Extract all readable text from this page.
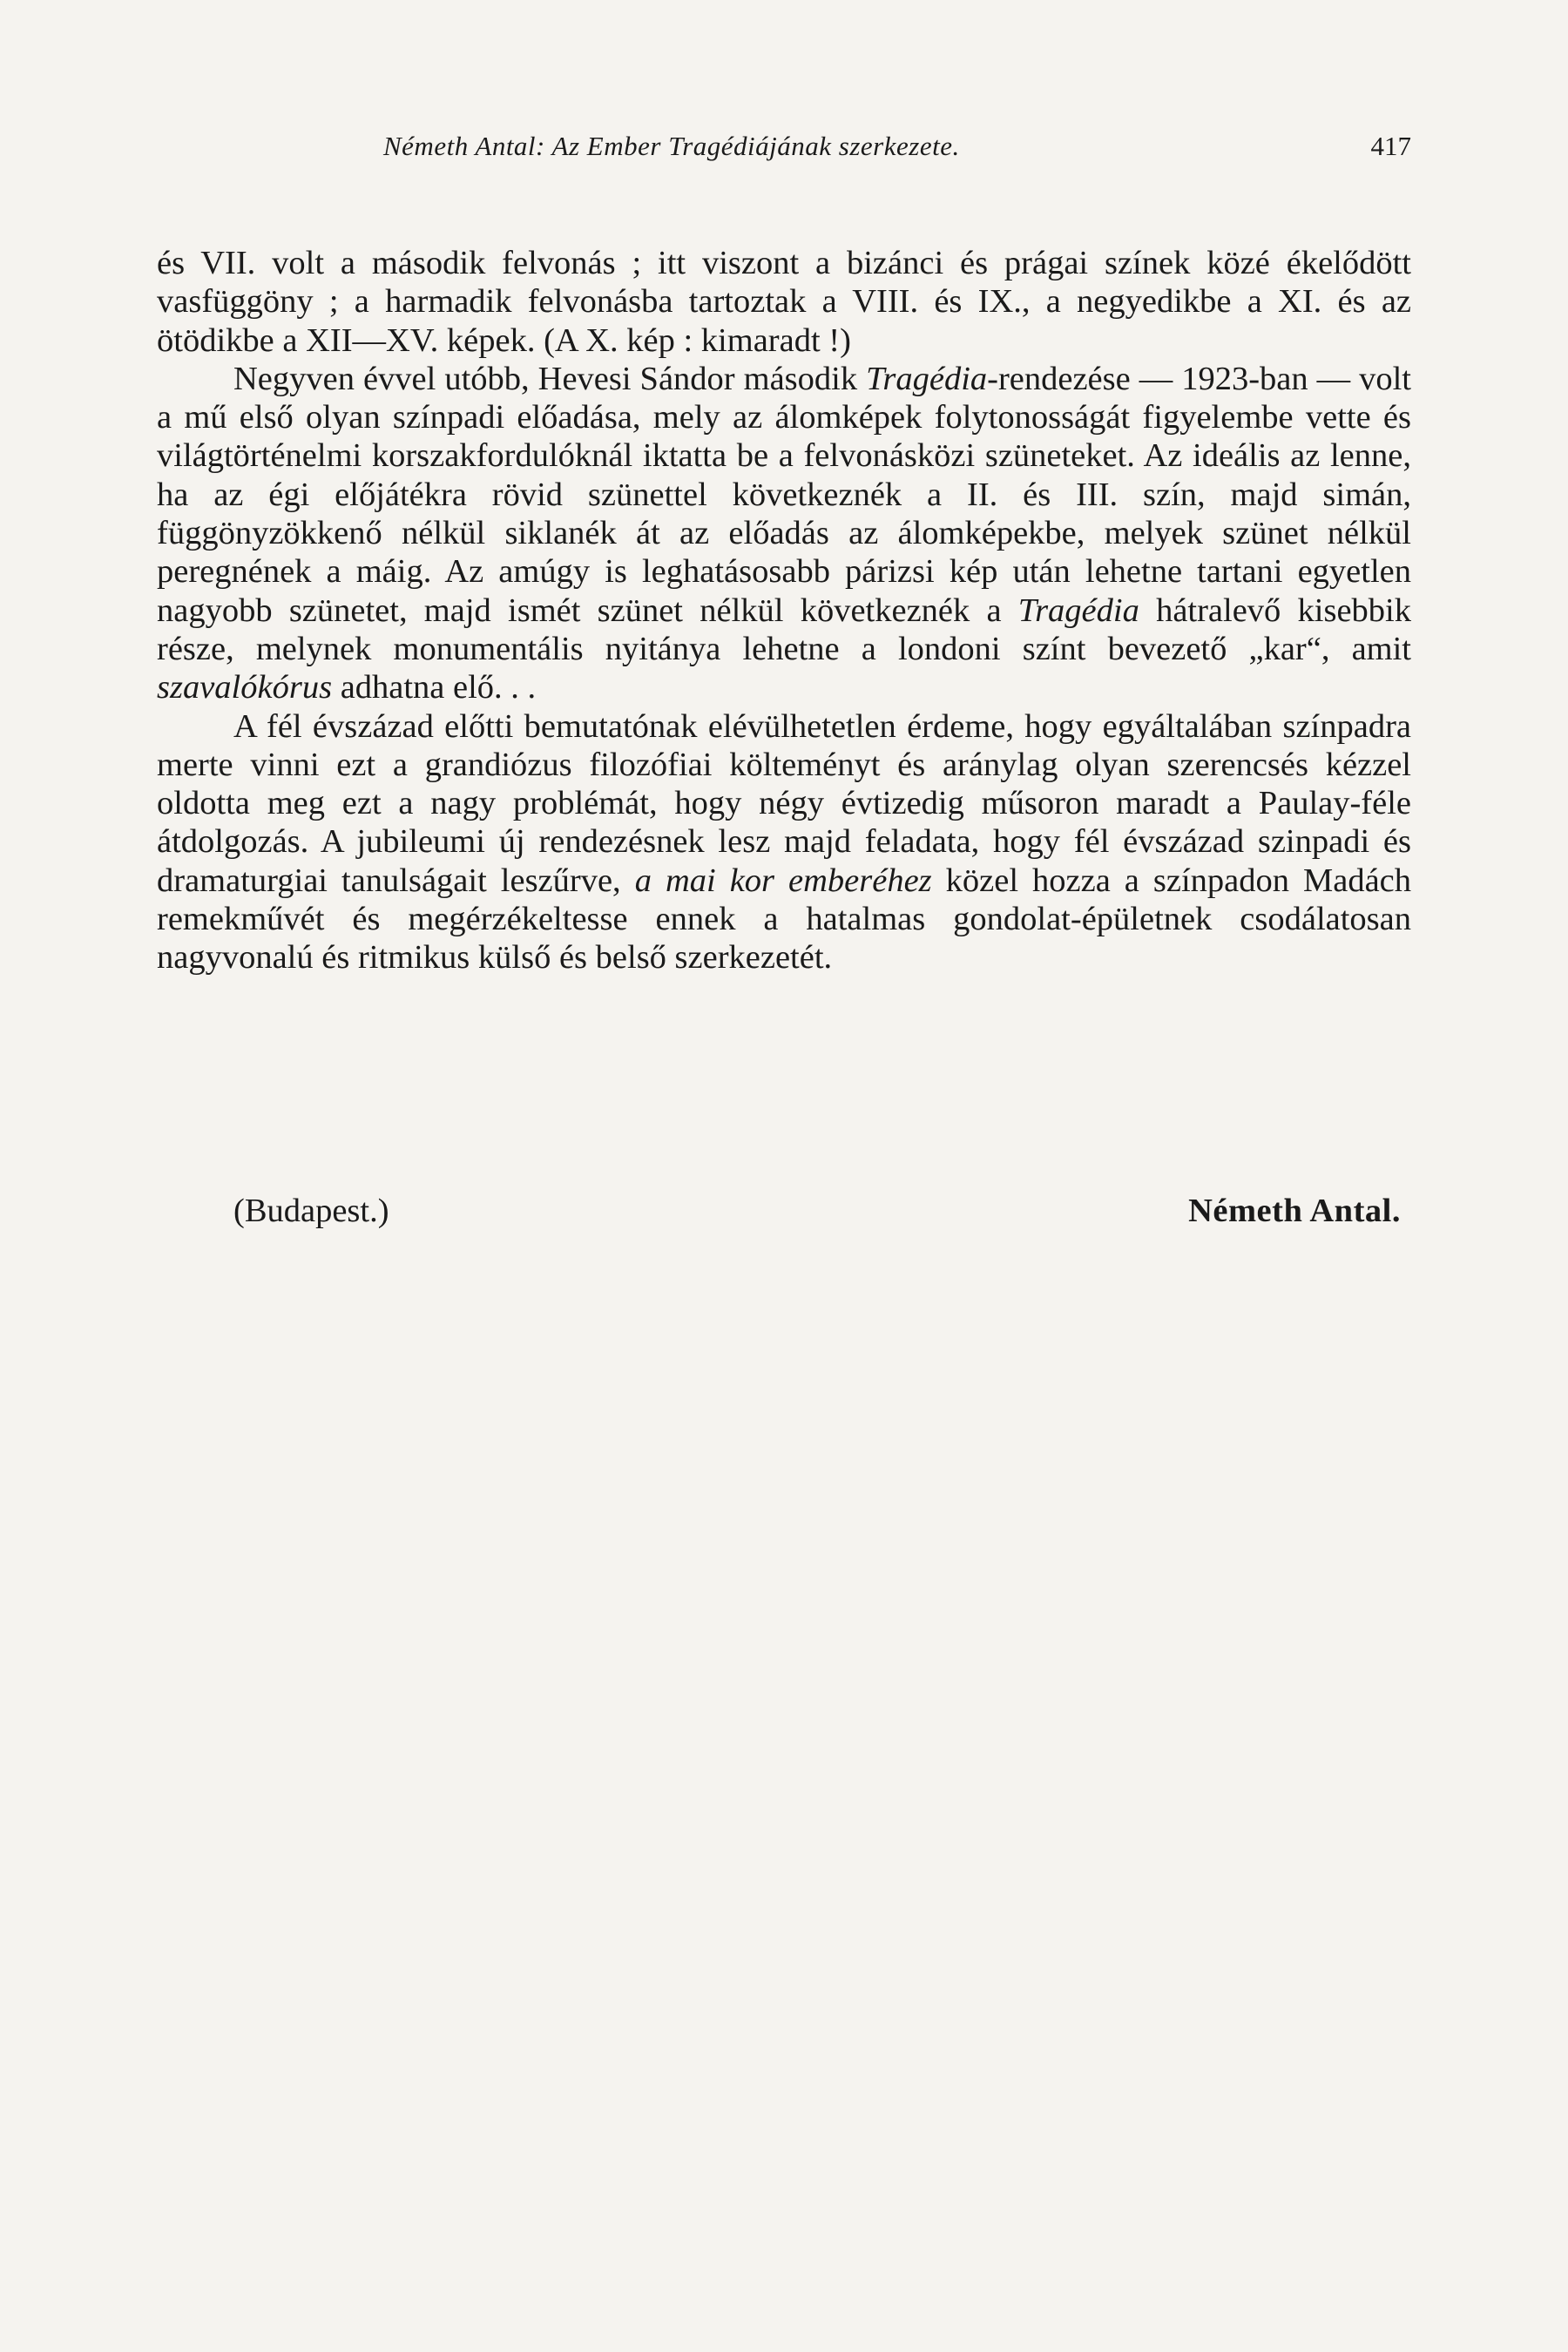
Németh Antal: Az Ember Tragédiájának szerkezete.	417

és VII. volt a második felvonás ; itt viszont a bizánci és prágai színek közé ékelődött vasfüggöny ; a harmadik felvonásba tartoztak a VIII. és IX., a negyedikbe a XI. és az ötödikbe a XII—XV. képek. (A X. kép : kimaradt !)

Negyven évvel utóbb, Hevesi Sándor második Tragédia-rendezése — 1923-ban — volt a mű első olyan színpadi előadása, mely az álomképek folytonosságát figyelembe vette és világtörténelmi korszakfordulóknál iktatta be a felvonásközi szüneteket. Az ideális az lenne, ha az égi előjátékra rövid szünettel következnék a II. és III. szín, majd simán, függönyzökkenő nélkül siklanék át az előadás az álomképekbe, melyek szünet nélkül peregnének a máig. Az amúgy is leghatásosabb párizsi kép után lehetne tartani egyetlen nagyobb szünetet, majd ismét szünet nélkül következnék a Tragédia hátralevő kisebbik része, melynek monumentális nyitánya lehetne a londoni színt bevezető „kar“, amit szavalókórus adhatna elő. . .

A fél évszázad előtti bemutatónak elévülhetetlen érdeme, hogy egyáltalában színpadra merte vinni ezt a grandiózus filozófiai költeményt és aránylag olyan szerencsés kézzel oldotta meg ezt a nagy problémát, hogy négy évtizedig műsoron maradt a Paulay-féle átdolgozás. A jubileumi új rendezésnek lesz majd feladata, hogy fél évszázad szinpadi és dramaturgiai tanulságait leszűrve, a mai kor emberéhez közel hozza a színpadon Madách remekművét és megérzékeltesse ennek a hatalmas gondolat-épületnek csodálatosan nagyvonalú és ritmikus külső és belső szerkezetét.

(Budapest.)	Németh Antal.
